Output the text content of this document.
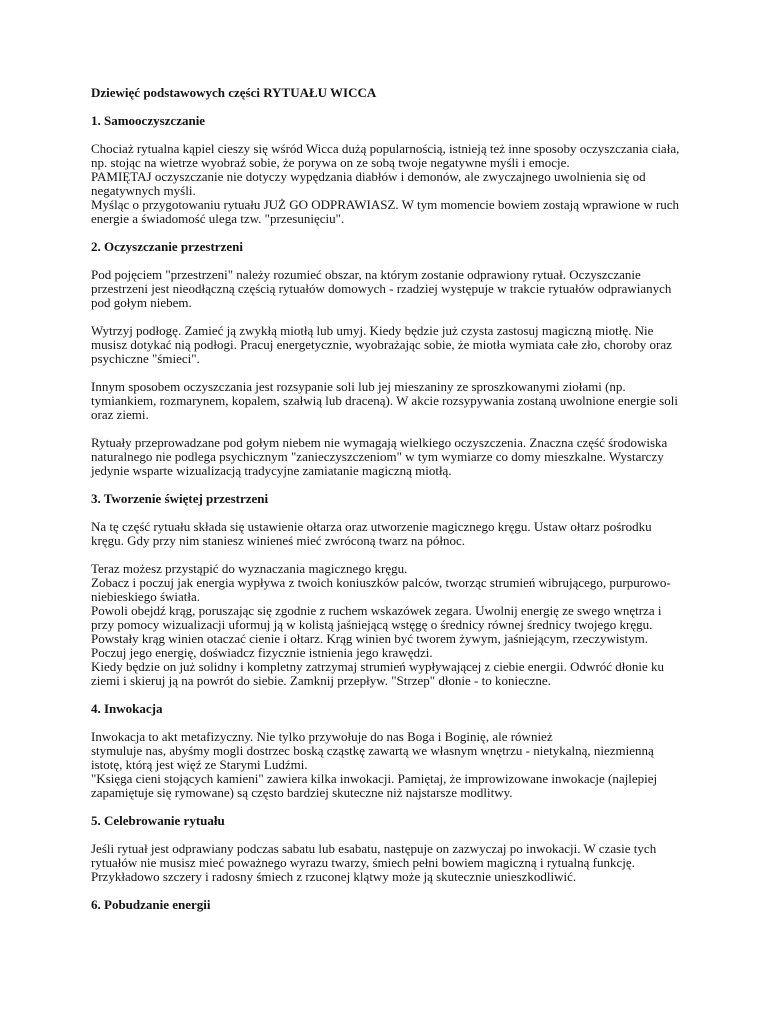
Dziewięć podstawowych części RYTUAŁU WICCA
1. Samooczyszczanie

Chociaż rytualna kąpiel cieszy się wśród Wicca dużą popularnością, istnieją też inne sposoby oczyszczania ciała,
np. stojąc na wietrze wyobraź sobie, że porywa on ze sobą twoje negatywne myśli i emocje.
PAMIĘTAJ oczyszczanie nie dotyczy wypędzania diabłów i demonów, ale zwyczajnego uwolnienia się od
negatywnych myśli.
Myśląc o przygotowaniu rytuału JUŻ GO ODPRAWIASZ. W tym momencie bowiem zostają wprawione w ruch
energie a świadomość ulega tzw. "przesunięciu".

2. Oczyszczanie przestrzeni

Pod pojęciem "przestrzeni" należy rozumieć obszar, na którym zostanie odprawiony rytuał. Oczyszczanie
przestrzeni jest nieodłączną częścią rytuałów domowych - rzadziej występuje w trakcie rytuałów odprawianych
pod gołym niebem.

Wytrzyj podłogę. Zamieć ją zwykłą miotłą lub umyj. Kiedy będzie już czysta zastosuj magiczną miotłę. Nie
musisz dotykać nią podłogi. Pracuj energetycznie, wyobrażając sobie, że miotła wymiata całe zło, choroby oraz
psychiczne "śmieci".

Innym sposobem oczyszczania jest rozsypanie soli lub jej mieszaniny ze sproszkowanymi ziołami (np.
tymiankiem, rozmarynem, kopalem, szałwią lub draceną). W akcie rozsypywania zostaną uwolnione energie soli
oraz ziemi.

Rytuały przeprowadzane pod gołym niebem nie wymagają wielkiego oczyszczenia. Znaczna część środowiska
naturalnego nie podlega psychicznym "zanieczyszczeniom" w tym wymiarze co domy mieszkalne. Wystarczy
jedynie wsparte wizualizacją tradycyjne zamiatanie magiczną miotłą.

3. Tworzenie świętej przestrzeni

Na tę część rytuału składa się ustawienie ołtarza oraz utworzenie magicznego kręgu. Ustaw ołtarz pośrodku
kręgu. Gdy przy nim staniesz winieneś mieć zwróconą twarz na północ.

Teraz możesz przystąpić do wyznaczania magicznego kręgu.
Zobacz i poczuj jak energia wypływa z twoich koniuszków palców, tworząc strumień wibrującego, purpurowo-
niebieskiego światła.
Powoli obejdź krąg, poruszając się zgodnie z ruchem wskazówek zegara. Uwolnij energię ze swego wnętrza i
przy pomocy wizualizacji uformuj ją w kolistą jaśniejącą wstęgę o średnicy równej średnicy twojego kręgu.
Powstały krąg winien otaczać cienie i ołtarz. Krąg winien być tworem żywym, jaśniejącym, rzeczywistym.
Poczuj jego energię, doświadcz fizycznie istnienia jego krawędzi.
Kiedy będzie on już solidny i kompletny zatrzymaj strumień wypływającej z ciebie energii. Odwróć dłonie ku
ziemi i skieruj ją na powrót do siebie. Zamknij przepływ. "Strzep" dłonie - to konieczne.

4. Inwokacja

Inwokacja to akt metafizyczny. Nie tylko przywołuje do nas Boga i Boginię, ale również
stymuluje nas, abyśmy mogli dostrzec boską cząstkę zawartą we własnym wnętrzu - nietykalną, niezmienną
istotę, którą jest więź ze Starymi Ludźmi.
"Księga cieni stojących kamieni" zawiera kilka inwokacji. Pamiętaj, że improwizowane inwokacje (najlepiej
zapamiętuje się rymowane) są często bardziej skuteczne niż najstarsze modlitwy.

5. Celebrowanie rytuału

Jeśli rytuał jest odprawiany podczas sabatu lub esabatu, następuje on zazwyczaj po inwokacji. W czasie tych
rytuałów nie musisz mieć poważnego wyrazu twarzy, śmiech pełni bowiem magiczną i rytualną funkcję.
Przykładowo szczery i radosny śmiech z rzuconej klątwy może ją skutecznie unieszkodliwić.

6. Pobudzanie energii
